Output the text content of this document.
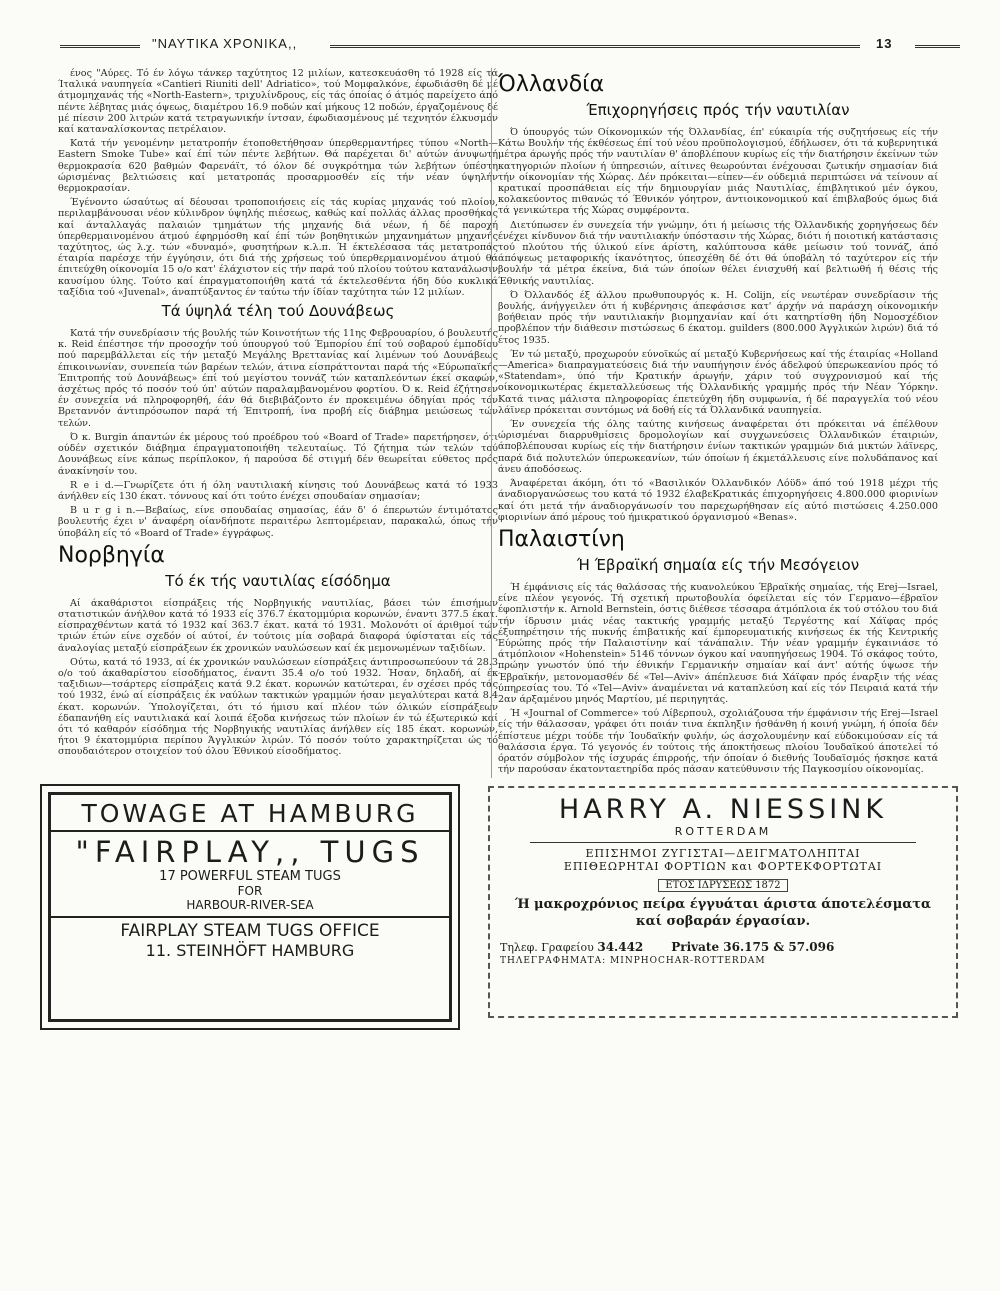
"ΝΑΥΤΙΚΑ ΧΡΟΝΙΚΑ,,	13

ένος "Αύρες. Τό έν λόγω τάνκερ ταχύτητος 12 μιλίων, κατεσκευάσθη τό 1928 είς τά Ίταλικά ναυπηγεία «Cantieri Riuniti dell' Adriatico», τού Μομφαλκόνε, έφωδιάσθη δέ μέ άτμομηχανάς τής «North-Eastern», τριχυλίνδρους, είς τάς όποίας ό άτμός παρείχετο άπό πέντε λέβητας μιάς όψεως, διαμέτρου 16.9 ποδών καί μήκους 12 ποδών, έργαζομένους δέ μέ πίεσιν 200 λιτρών κατά τετραγωνικήν ίντσαν, έφωδιασμένους μέ τεχνητόν έλκυσμόν καί καταναλίσκοντας πετρέλαιον.

Κατά τήν γενομένην μετατροπήν έτοποθετήθησαν ύπερθερμαντήρες τύπου «North—Eastern Smoke Tube» καί έπί τών πέντε λεβήτων. Θά παρέχεται δι' αύτών άνυψωτή θερμοκρασία 620 βαθμών Φαρενάϊτ, τό όλον δέ συγκρότημα τών λεβήτων ύπέστη ώρισμένας βελτιώσεις καί μετατροπάς προσαρμοσθέν είς τήν νέαν ύψηλήν θερμοκρασίαν.

Έγένοντο ώσαύτως αί δέουσαι τροποποιήσεις είς τάς κυρίας μηχανάς τού πλοίου, περιλαμβάνουσαι νέον κύλινδρον ύψηλής πιέσεως, καθώς καί πολλάς άλλας προσθήκας καί άνταλλαγάς παλαιών τμημάτων τής μηχανής διά νέων, ή δέ παροχή ύπερθερμαινομένου άτμού έφηρμόσθη καί έπί τών βοηθητικών μηχανημάτων μηχανής ταχύτητος, ώς λ.χ. τών «δυναμό», φυσητήρων κ.λ.π. Ή έκτελέσασα τάς μετατροπάς έταιρία παρέσχε τήν έγγύησιν, ότι διά τής χρήσεως τού ύπερθερμαινομένου άτμού θά έπιτεύχθη οίκονομία 15 ο/ο κατ' έλάχιστον είς τήν παρά τού πλοίου τούτου κατανάλωσιν καυσίμου ύλης. Τούτο καί έπραγματοποιήθη κατά τά έκτελεσθέντα ήδη δύο κυκλικά ταξίδια τού «Juvenal», άναπτύξαντος έν ταύτω τήν ίδίαν ταχύτητα τών 12 μιλίων.

Τά ύψηλά τέλη τού Δουνάβεως

Κατά τήν συνεδρίασιν τής βουλής τών Κοινοτήτων τής 11ης Φεβρουαρίου, ό βουλευτής κ. Reid έπέστησε τήν προσοχήν τού ύπουργού τού Έμπορίου έπί τού σοβαρού έμποδίου πού παρεμβάλλεται είς τήν μεταξύ Μεγάλης Βρεττανίας καί λιμένων τού Δουνάβεως έπικοινωνίαν, συνεπεία τών βαρέων τελών, άτινα είσπράττονται παρά τής «Εύρωπαϊκής Έπιτροπής τού Δουνάβεως» έπί τού μεγίστου τοννάζ τών καταπλεόντων έκεί σκαφών, άσχέτως πρός τό ποσόν τού ύπ' αύτών παραλαμβανομένου φορτίου. Ό κ. Reid έζήτησεν έν συνεχεία νά πληροφορηθή, έάν θά διεβιβάζοντο έν προκειμένω όδηγίαι πρός τόν Βρεταννόν άντιπρόσωπον παρά τή Έπιτροπή, ίνα προβή είς διάβημα μειώσεως τών τελών.

Ό κ. Burgin άπαντών έκ μέρους τού προέδρου τού «Board of Trade» παρετήρησεν, ότι ούδέν σχετικόν διάβημα έπραγματοποιήθη τελευταίως. Τό ζήτημα τών τελών τού Δουνάβεως είνε κάπως περίπλοκον, ή παρούσα δέ στιγμή δέν θεωρείται εύθετος πρός άνακίνησίν του.

R e i d.—Γνωρίζετε ότι ή όλη ναυτιλιακή κίνησις τού Δουνάβεως κατά τό 1933 άνήλθεν είς 130 έκατ. τόννους καί ότι τούτο ένέχει σπουδαίαν σημασίαν;

B u r g i n.—Βεβαίως, είνε σπουδαίας σημασίας, έάν δ' ό έπερωτών έντιμότατος βουλευτής έχει ν' άναφέρη οίανδήποτε περαιτέρω λεπτομέρειαν, παρακαλώ, όπως τήν ύποβάλη είς τό «Board of Trade» έγγράφως.

Νορβηγία
Τό έκ τής ναυτιλίας είσόδημα

Αί άκαθάριστοι είσπράξεις τής Νορβηγικής ναυτιλίας, βάσει τών έπισήμων στατιστικών άνήλθον κατά τό 1933 είς 376.7 έκατομμύρια κορωνών, έναντι 377.5 έκατ. είσπραχθέντων κατά τό 1932 καί 363.7 έκατ. κατά τό 1931. Μολονότι οί άριθμοί τών τριών έτών είνε σχεδόν οί αύτοί, έν τούτοις μία σοβαρά διαφορά ύφίσταται είς τάς άναλογίας μεταξύ είσπράξεων έκ χρονικών ναυλώσεων καί έκ μεμονωμένων ταξιδίων.

Ούτω, κατά τό 1933, αί έκ χρονικών ναυλώσεων είσπράξεις άντιπροσωπεύουν τά 28.3 ο/ο τού άκαθαρίστου είσοδήματος, έναντι 35.4 ο/ο τού 1932. Ήσαν, δηλαδή, αί έκ ταξιδιων—τσάρτερς είσπράξεις κατά 9.2 έκατ. κορωνών κατώτεραι, έν σχέσει πρός τάς τού 1932, ένώ αί είσπράξεις έκ ναύλων τακτικών γραμμών ήσαν μεγαλύτεραι κατά 8.4 έκατ. κορωνών. Ύπολογίζεται, ότι τό ήμισυ καί πλέον τών όλικών είσπράξεων έδαπανήθη είς ναυτιλιακά καί λοιπά έξοδα κινήσεως τών πλοίων έν τώ έξωτερικώ καί ότι τό καθαρόν είσόδημα τής Νορβηγικής ναυτιλίας άνήλθεν είς 185 έκατ. κορωνών, ήτοι 9 έκατομμύρια περίπου Άγγλικών λιρών. Τό ποσόν τούτο χαρακτηρίζεται ώς τό σπουδαιότερον στοιχείον τού όλου Έθνικού είσοδήματος.

Όλλανδία
Έπιχορηγήσεις πρός τήν ναυτιλίαν

Ό ύπουργός τών Οίκονομικών τής Όλλανδίας, έπ' εύκαιρία τής συζητήσεως είς τήν Κάτω Βουλήν τής έκθέσεως έπί τού νέου προϋπολογισμού, έδήλωσεν, ότι τά κυβερνητικά μέτρα άρωγής πρός τήν ναυτιλίαν θ' άποβλέπουν κυρίως είς τήν διατήρησιν έκείνων τών κατηγοριών πλοίων ή ύπηρεσιών, αίτινες θεωρούνται ένέχουσαι ζωτικήν σημασίαν διά τήν οίκονομίαν τής Χώρας. Δέν πρόκειται—είπεν—έν ούδεμιά περιπτώσει νά τείνουν αί κρατικαί προσπάθειαι είς τήν δημιουργίαν μιάς Ναυτιλίας, έπιβλητικού μέν όγκου, κολακεύοντος πιθανώς τό Έθνικόν γόητρον, άντιοικονομικού καί έπιβλαβούς όμως διά τά γενικώτερα τής Χώρας συμφέροντα.

Διετύπωσεν έν συνεχεία τήν γνώμην, ότι ή μείωσις τής Όλλανδικής χορηγήσεως δέν ένέχει κίνδυνον διά τήν ναυτιλιακήν ύπόστασιν τής Χώρας, διότι ή ποιοτική κατάστασις τού πλούτου τής ύλικού είνε άρίστη, καλύπτουσα κάθε μείωσιν τού τοννάζ, άπό άπόψεως μεταφορικής ίκανότητος, ύπεσχέθη δέ ότι θά ύποβάλη τό ταχύτερον είς τήν βουλήν τά μέτρα έκείνα, διά τών όποίων θέλει ένισχυθή καί βελτιωθή ή θέσις τής Έθνικής ναυτιλίας.

Ό Όλλανδός έξ άλλου πρωθυπουργός κ. H. Colijn, είς νεωτέραν συνεδρίασιν τής βουλής, άνήγγειλεν ότι ή κυβέρνησις άπεφάσισε κατ' άρχήν νά παράσχη οίκονομικήν βοήθειαν πρός τήν ναυτιλιακήν βιομηχανίαν καί ότι κατηρτίσθη ήδη Νομοσχέδιον προβλέπον τήν διάθεσιν πιστώσεως 6 έκατομ. guilders (800.000 Άγγλικών λιρών) διά τό έτος 1935.

Έν τώ μεταξύ, προχωρούν εύνοϊκώς αί μεταξύ Κυβερνήσεως καί τής έταιρίας «Holland—America» διαπραγματεύσεις διά τήν ναυπήγησιν ένός άδελφού ύπερωκεανίου πρός τό «Statendam», ύπό τήν Κρατικήν άρωγήν, χάριν τού συγχρονισμού καί τής οίκονομικωτέρας έκμεταλλεύσεως τής Όλλανδικής γραμμής πρός τήν Νέαν Ύόρκην. Κατά τινας μάλιστα πληροφορίας έπετεύχθη ήδη συμφωνία, ή δέ παραγγελία τού νέου λάϊνερ πρόκειται συντόμως νά δοθή είς τά Όλλανδικά ναυπηγεία.

Έν συνεχεία τής όλης ταύτης κινήσεως άναφέρεται ότι πρόκειται νά έπέλθουν ώρισμέναι διαρρυθμίσεις δρομολογίων καί συγχωνεύσεις Όλλανδικών έταιριών, άποβλέπουσαι κυρίως είς τήν διατήρησιν ένίων τακτικών γραμμών διά μικτών λάϊνερς, παρά διά πολυτελών ύπερωκεανίων, τών όποίων ή έκμετάλλευσις είνε πολυδάπανος καί άνευ άποδόσεως.

Άναφέρεται άκόμη, ότι τό «Βασιλικόν Όλλανδικόν Λόϋδ» άπό τού 1918 μέχρι τής άναδιοργανώσεως του κατά τό 1932 έλαβεΚρατικάς έπιχορηγήσεις 4.800.000 φιορινίων καί ότι μετά τήν άναδιοργάνωσίν του παρεχωρήθησαν είς αύτό πιστώσεις 4.250.000 φιορινίων άπό μέρους τού ήμικρατικού όργανισμού «Benas».

Παλαιστίνη
Ή Έβραϊκή σημαία είς τήν Μεσόγειον

Ή έμφάνισις είς τάς θαλάσσας τής κυανολεύκου Έβραϊκής σημαίας, τής Erej—Israel, είνε πλέον γεγονός. Τή σχετική πρωτοβουλία όφείλεται είς τόν Γερμανο—έβραϊον έφοπλιστήν κ. Arnold Bernstein, όστις διέθεσε τέσσαρα άτμόπλοια έκ τού στόλου του διά τήν ίδρυσιν μιάς νέας τακτικής γραμμής μεταξύ Τεργέστης καί Χάϊφας πρός έξυπηρέτησιν τής πυκνής έπιβατικής καί έμπορευματικής κινήσεως έκ τής Κεντρικής Εύρώπης πρός τήν Παλαιστίνην καί τάνάπαλιν. Τήν νέαν γραμμήν έγκαινιάσε τό άτμόπλοιον «Hohenstein» 5146 τόννων όγκου καί ναυπηγήσεως 1904. Τό σκάφος τούτο, πρώην γνωστόν ύπό τήν έθνικήν Γερμανικήν σημαίαν καί άντ' αύτής ύψωσε τήν Έβραϊκήν, μετονομασθέν δέ «Tel—Aviv» άπέπλευσε διά Χάϊφαν πρός έναρξιν τής νέας ύπηρεσίας του. Τό «Tel—Aviv» άναμένεται νά καταπλεύση καί είς τόν Πειραιά κατά τήν 2αν άρξαμένου μηνός Μαρτίου, μέ περιηγητάς.

Ή «Journal of Commerce» τού Λίβερπουλ, σχολιάζουσα τήν έμφάνισιν τής Erej—Israel είς τήν θάλασσαν, γράφει ότι ποιάν τινα έκπληξιν ήσθάνθη ή κοινή γνώμη, ή όποία δέν έπίστευε μέχρι τούδε τήν Ίουδαϊκήν φυλήν, ώς άσχολουμένην καί εύδοκιμούσαν είς τά θαλάσσια έργα. Τό γεγονός έν τούτοις τής άποκτήσεως πλοίου Ίουδαϊκού άποτελεί τό όρατόν σύμβολον τής ίσχυράς έπιρροής, τήν όποίαν ό διεθνής Ίουδαϊσμός ήσκησε κατά τήν παρούσαν έκατονταετηρίδα πρός πάσαν κατεύθυνσιν τής Παγκοσμίου οίκονομίας.

TOWAGE AT HAMBURG
"FAIRPLAY,, TUGS
17 POWERFUL STEAM TUGS
FOR
HARBOUR-RIVER-SEA
FAIRPLAY STEAM TUGS OFFICE
11. STEINHÖFT HAMBURG
HARRY A. NIESSINK
ROTTERDAM
ΕΠΙΣΗΜΟΙ ΖΥΓΙΣΤΑΙ—ΔΕΙΓΜΑΤΟΛΗΠΤΑΙ
ΕΠΙΘΕΩΡΗΤΑΙ ΦΟΡΤΙΩΝ και ΦΟΡΤΕΚΦΟΡΤΩΤΑΙ
ΕΤΟΣ ΙΔΡΥΣΕΩΣ 1872
Ή μακροχρόνιος πείρα έγγυάται άριστα άποτελέσματα καί σοβαράν έργασίαν.
Τηλεφ. Γραφείου 34.442 Private 36.175 & 57.096
ΤΗΛΕΓΡΑΦΗΜΑΤΑ: MINPHOCHAR-ROTTERDAM
